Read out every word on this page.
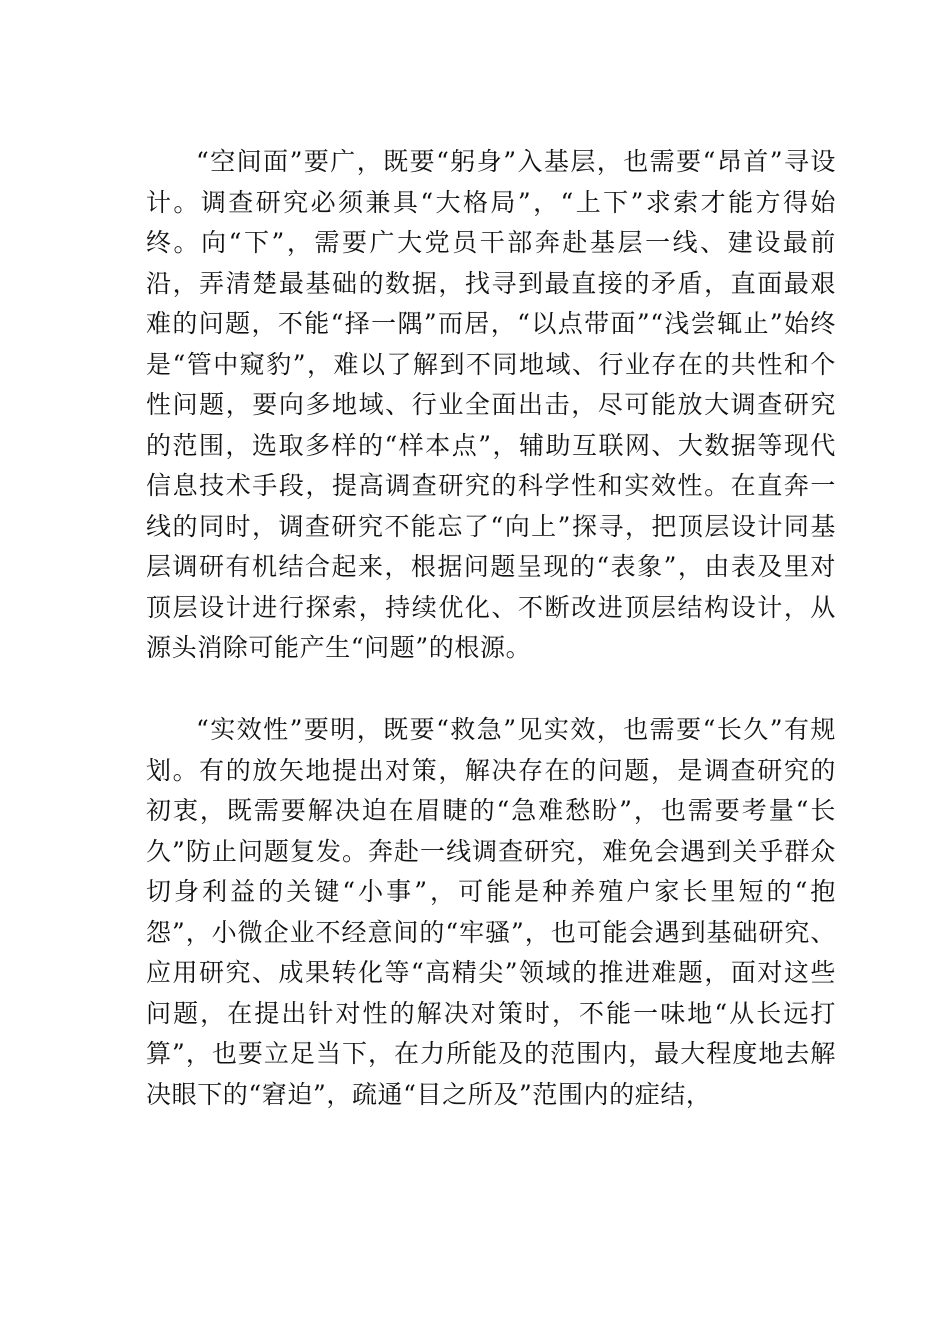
“空间面”要广，既要“躬身”入基层，也需要“昂首”寻设计。调查研究必须兼具“大格局”，“上下”求索才能方得始终。向“下”，需要广大党员干部奔赴基层一线、建设最前沿，弄清楚最基础的数据，找寻到最直接的矛盾，直面最艰难的问题，不能“择一隅”而居，“以点带面”“浅尝辄止”始终是“管中窥豹”，难以了解到不同地域、行业存在的共性和个性问题，要向多地域、行业全面出击，尽可能放大调查研究的范围，选取多样的“样本点”，辅助互联网、大数据等现代信息技术手段，提高调查研究的科学性和实效性。在直奔一线的同时，调查研究不能忘了“向上”探寻，把顶层设计同基层调研有机结合起来，根据问题呈现的“表象”，由表及里对顶层设计进行探索，持续优化、不断改进顶层结构设计，从源头消除可能产生“问题”的根源。

“实效性”要明，既要“救急”见实效，也需要“长久”有规划。有的放矢地提出对策，解决存在的问题，是调查研究的初衷，既需要解决迫在眉睫的“急难愁盼”，也需要考量“长久”防止问题复发。奔赴一线调查研究，难免会遇到关乎群众切身利益的关键“小事”，可能是种养殖户家长里短的“抱怨”，小微企业不经意间的“牢骚”，也可能会遇到基础研究、应用研究、成果转化等“高精尖”领域的推进难题，面对这些问题，在提出针对性的解决对策时，不能一味地“从长远打算”，也要立足当下，在力所能及的范围内，最大程度地去解决眼下的“窘迫”，疏通“目之所及”范围内的症结，
